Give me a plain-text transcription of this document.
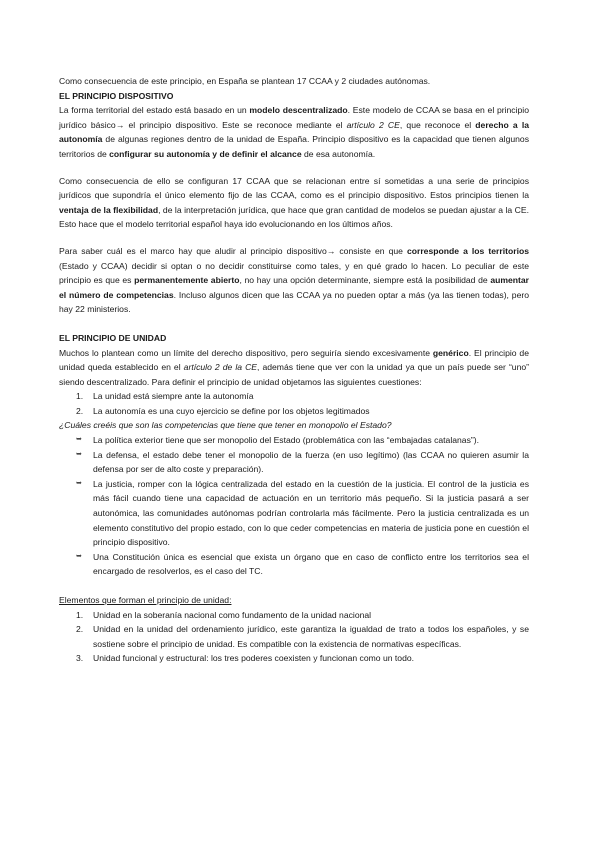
Como consecuencia de este principio, en España se plantean 17 CCAA y 2 ciudades autónomas.

EL PRINCIPIO DISPOSITIVO

La forma territorial del estado está basado en un modelo descentralizado. Este modelo de CCAA se basa en el principio jurídico básico→ el principio dispositivo. Este se reconoce mediante el artículo 2 CE, que reconoce el derecho a la autonomía de algunas regiones dentro de la unidad de España. Principio dispositivo es la capacidad que tienen algunos territorios de configurar su autonomía y de definir el alcance de esa autonomía.

Como consecuencia de ello se configuran 17 CCAA que se relacionan entre sí sometidas a una serie de principios jurídicos que supondría el único elemento fijo de las CCAA, como es el principio dispositivo. Estos principios tienen la ventaja de la flexibilidad, de la interpretación jurídica, que hace que gran cantidad de modelos se puedan ajustar a la CE. Esto hace que el modelo territorial español haya ido evolucionando en los últimos años.

Para saber cuál es el marco hay que aludir al principio dispositivo→ consiste en que corresponde a los territorios (Estado y CCAA) decidir si optan o no decidir constituirse como tales, y en qué grado lo hacen. Lo peculiar de este principio es que es permanentemente abierto, no hay una opción determinante, siempre está la posibilidad de aumentar el número de competencias. Incluso algunos dicen que las CCAA ya no pueden optar a más (ya las tienen todas), pero hay 22 ministerios.

EL PRINCIPIO DE UNIDAD

Muchos lo plantean como un límite del derecho dispositivo, pero seguiría siendo excesivamente genérico. El principio de unidad queda establecido en el artículo 2 de la CE, además tiene que ver con la unidad ya que un país puede ser “uno” siendo descentralizado. Para definir el principio de unidad objetamos las siguientes cuestiones:

1. La unidad está siempre ante la autonomía
2. La autonomía es una cuyo ejercicio se define por los objetos legitimados

¿Cuáles creéis que son las competencias que tiene que tener en monopolio el Estado?

➥ La política exterior tiene que ser monopolio del Estado (problemática con las “embajadas catalanas”).
➥ La defensa, el estado debe tener el monopolio de la fuerza (en uso legítimo) (las CCAA no quieren asumir la defensa por ser de alto coste y preparación).
➥ La justicia, romper con la lógica centralizada del estado en la cuestión de la justicia. El control de la justicia es más fácil cuando tiene una capacidad de actuación en un territorio más pequeño. Si la justicia pasará a ser autonómica, las comunidades autónomas podrían controlarla más fácilmente. Pero la justicia centralizada es un elemento constitutivo del propio estado, con lo que ceder competencias en materia de justicia pone en cuestión el principio dispositivo.
➥ Una Constitución única es esencial que exista un órgano que en caso de conflicto entre los territorios sea el encargado de resolverlos, es el caso del TC.

Elementos que forman el principio de unidad:

1. Unidad en la soberanía nacional como fundamento de la unidad nacional
2. Unidad en la unidad del ordenamiento jurídico, este garantiza la igualdad de trato a todos los españoles, y se sostiene sobre el principio de unidad. Es compatible con la existencia de normativas específicas.
3. Unidad funcional y estructural: los tres poderes coexisten y funcionan como un todo.
